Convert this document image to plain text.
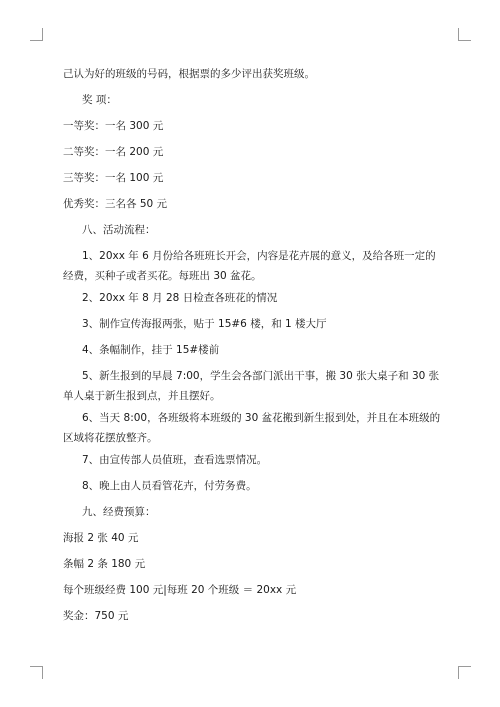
己认为好的班级的号码，根据票的多少评出获奖班级。

奖 项：

一等奖：一名 300 元

二等奖：一名 200 元

三等奖：一名 100 元

优秀奖：三名各 50 元

八、活动流程：

1、20xx 年 6 月份给各班班长开会，内容是花卉展的意义，及给各班一定的经费，买种子或者买花。每班出 30 盆花。

2、20xx 年 8 月 28 日检查各班花的情况

3、制作宣传海报两张，贴于 15#6 楼，和 1 楼大厅

4、条幅制作，挂于 15#楼前

5、新生报到的早晨 7:00，学生会各部门派出干事，搬 30 张大桌子和 30 张单人桌于新生报到点，并且摆好。

6、当天 8:00，各班级将本班级的 30 盆花搬到新生报到处，并且在本班级的区域将花摆放整齐。

7、由宣传部人员值班，查看选票情况。

8、晚上由人员看管花卉，付劳务费。

九、经费预算：

海报 2 张 40 元

条幅 2 条 180 元

每个班级经费 100 元|每班 20 个班级 ＝ 20xx 元

奖金：750 元
